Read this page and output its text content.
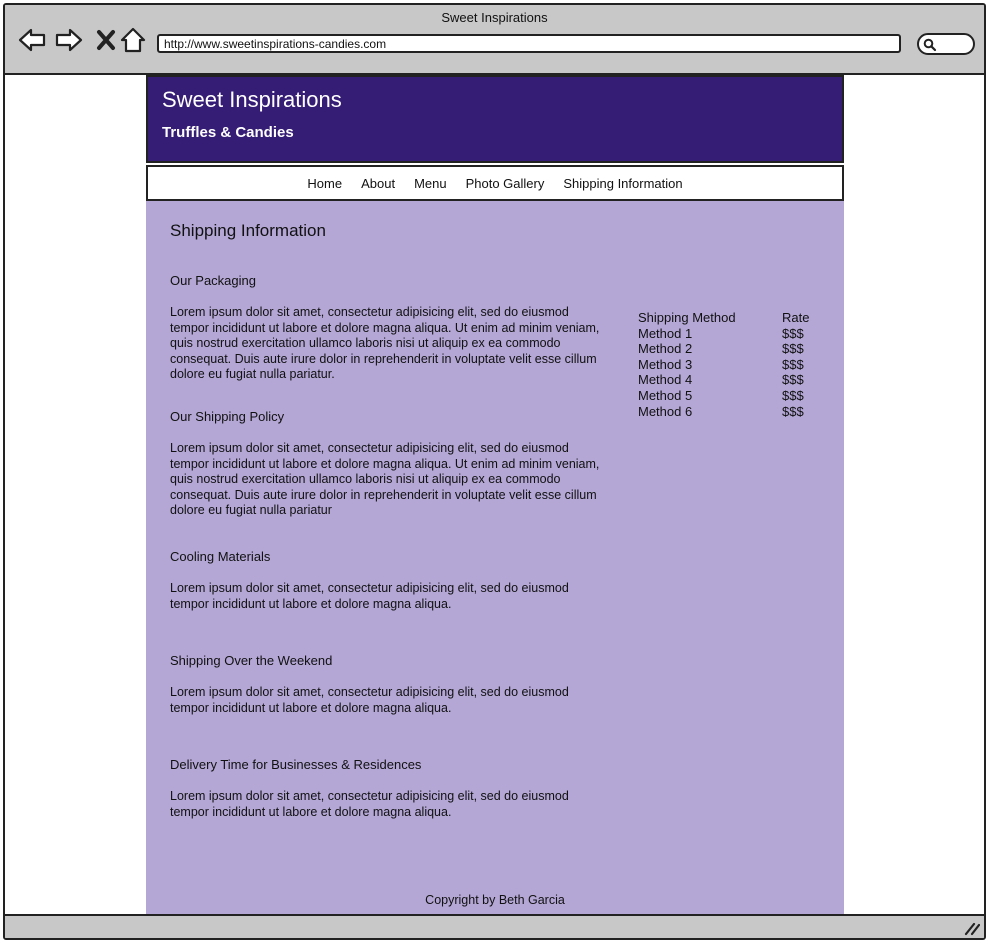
Sweet Inspirations
http://www.sweetinspirations-candies.com
Sweet Inspirations
Truffles & Candies
Home About Menu Photo Gallery Shipping Information
Shipping Information
Our Packaging
Lorem ipsum dolor sit amet, consectetur adipisicing elit, sed do eiusmod tempor incididunt ut labore et dolore magna aliqua. Ut enim ad minim veniam, quis nostrud exercitation ullamco laboris nisi ut aliquip ex ea commodo consequat. Duis aute irure dolor in reprehenderit in voluptate velit esse cillum dolore eu fugiat nulla pariatur.
Our Shipping Policy
Lorem ipsum dolor sit amet, consectetur adipisicing elit, sed do eiusmod tempor incididunt ut labore et dolore magna aliqua. Ut enim ad minim veniam, quis nostrud exercitation ullamco laboris nisi ut aliquip ex ea commodo consequat. Duis aute irure dolor in reprehenderit in voluptate velit esse cillum dolore eu fugiat nulla pariatur
Cooling Materials
Lorem ipsum dolor sit amet, consectetur adipisicing elit, sed do eiusmod tempor incididunt ut labore et dolore magna aliqua.
Shipping Over the Weekend
Lorem ipsum dolor sit amet, consectetur adipisicing elit, sed do eiusmod tempor incididunt ut labore et dolore magna aliqua.
Delivery Time for Businesses & Residences
Lorem ipsum dolor sit amet, consectetur adipisicing elit, sed do eiusmod tempor incididunt ut labore et dolore magna aliqua.
Shipping Method	Rate
Method 1	$$$
Method 2	$$$
Method 3	$$$
Method 4	$$$
Method 5	$$$
Method 6	$$$
Copyright by Beth Garcia
